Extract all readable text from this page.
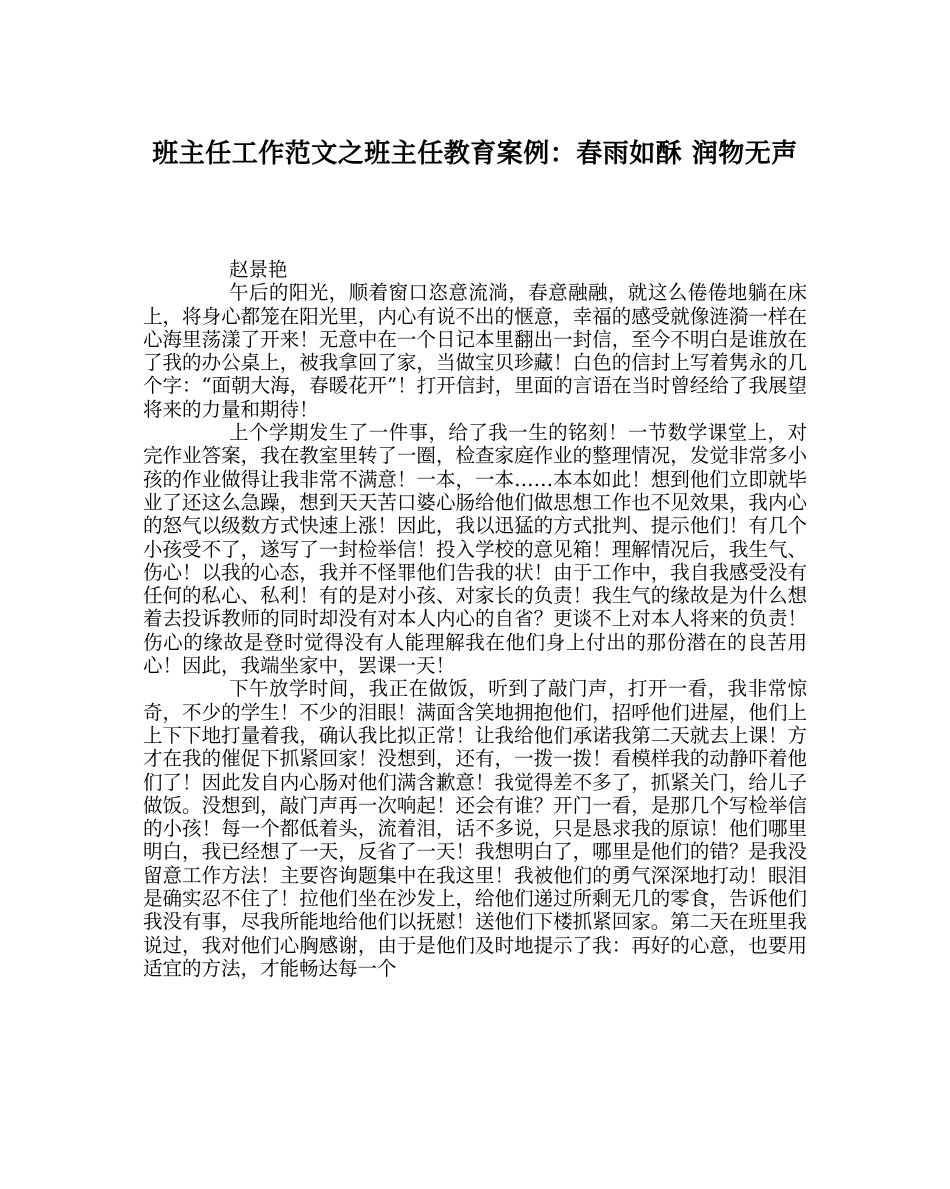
班主任工作范文之班主任教育案例：春雨如酥 润物无声

赵景艳

午后的阳光，顺着窗口恣意流淌，春意融融，就这么倦倦地躺在床上，将身心都笼在阳光里，内心有说不出的惬意，幸福的感受就像涟漪一样在心海里荡漾了开来！无意中在一个日记本里翻出一封信，至今不明白是谁放在了我的办公桌上，被我拿回了家，当做宝贝珍藏！白色的信封上写着隽永的几个字：“面朝大海，春暖花开”！打开信封，里面的言语在当时曾经给了我展望将来的力量和期待！

上个学期发生了一件事，给了我一生的铭刻！一节数学课堂上，对完作业答案，我在教室里转了一圈，检查家庭作业的整理情况，发觉非常多小孩的作业做得让我非常不满意！一本，一本……本本如此！想到他们立即就毕业了还这么急躁，想到天天苦口婆心肠给他们做思想工作也不见效果，我内心的怒气以级数方式快速上涨！因此，我以迅猛的方式批判、提示他们！有几个小孩受不了，遂写了一封检举信！投入学校的意见箱！理解情况后，我生气、伤心！以我的心态，我并不怪罪他们告我的状！由于工作中，我自我感受没有任何的私心、私利！有的是对小孩、对家长的负责！我生气的缘故是为什么想着去投诉教师的同时却没有对本人内心的自省？更谈不上对本人将来的负责！伤心的缘故是登时觉得没有人能理解我在他们身上付出的那份潜在的良苦用心！因此，我端坐家中，罢课一天！

下午放学时间，我正在做饭，听到了敲门声，打开一看，我非常惊奇，不少的学生！不少的泪眼！满面含笑地拥抱他们，招呼他们进屋，他们上上下下地打量着我，确认我比拟正常！让我给他们承诺我第二天就去上课！方才在我的催促下抓紧回家！没想到，还有，一拨一拨！看模样我的动静吓着他们了！因此发自内心肠对他们满含歉意！我觉得差不多了，抓紧关门，给儿子做饭。没想到，敲门声再一次响起！还会有谁？开门一看，是那几个写检举信的小孩！每一个都低着头，流着泪，话不多说，只是恳求我的原谅！他们哪里明白，我已经想了一天，反省了一天！我想明白了，哪里是他们的错？是我没留意工作方法！主要咨询题集中在我这里！我被他们的勇气深深地打动！眼泪是确实忍不住了！拉他们坐在沙发上，给他们递过所剩无几的零食，告诉他们我没有事，尽我所能地给他们以抚慰！送他们下楼抓紧回家。第二天在班里我说过，我对他们心胸感谢，由于是他们及时地提示了我：再好的心意，也要用适宜的方法，才能畅达每一个
